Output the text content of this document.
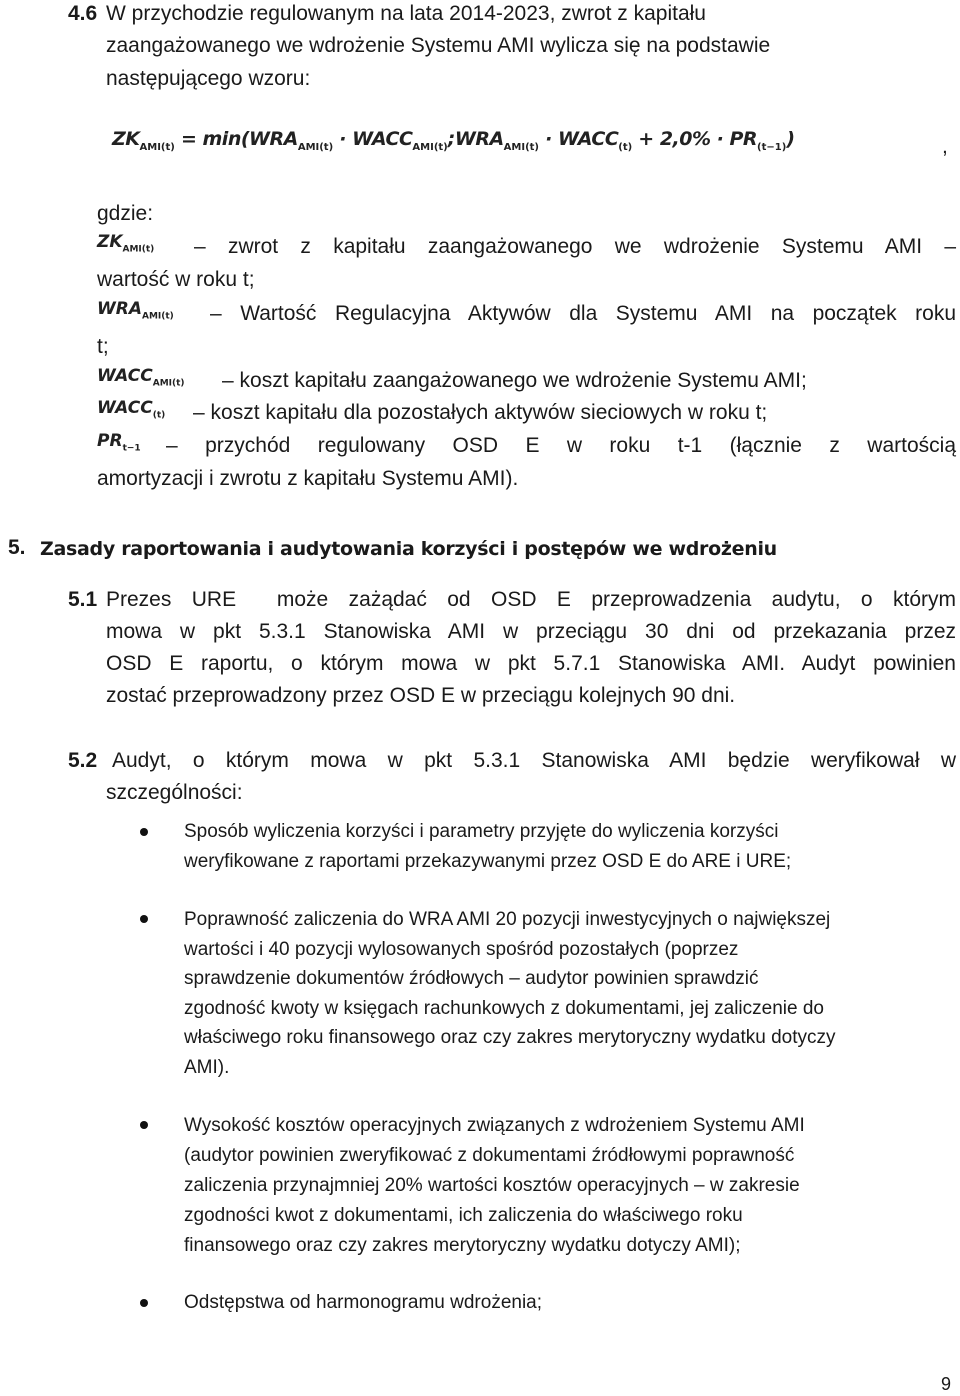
4.6 W przychodzie regulowanym na lata 2014-2023, zwrot z kapitału
zaangażowanego we wdrożenie Systemu AMI wylicza się na podstawie
następującego wzoru:
$ZK_{AMI(t)} = \min(WRA_{AMI(t)}$ · $WACC_{AMI(t)};WRA_{AMI(t)}$ · $WACC_{(t)} + 2,0\% \cdot PR_{(t-1)}$)	,
gdzie:
$ZK_{AMI(t)}$ – zwrot z kapitału zaangażowanego we wdrożenie Systemu AMI –
wartość w roku t;
$WRA_{AMI(t)}$ – Wartość Regulacyjna Aktywów dla Systemu AMI na początek roku
t;
$WACC_{AMI(t)}$ – koszt kapitału zaangażowanego we wdrożenie Systemu AMI;
$WACC_{(t)}$ – koszt kapitału dla pozostałych aktywów sieciowych w roku t;
$PR_{t-1}$ – przychód regulowany OSD E w roku t-1 (łącznie z wartością
amortyzacji i zwrotu z kapitału Systemu AMI).
5. Zasady raportowania i audytowania korzyści i postępów we wdrożeniu
5.1 Prezes URE  może zażądać od OSD E przeprowadzenia audytu, o którym
mowa w pkt 5.3.1 Stanowiska AMI w przeciągu 30 dni od przekazania przez
OSD E raportu, o którym mowa w pkt 5.7.1 Stanowiska AMI. Audyt powinien
zostać przeprowadzony przez OSD E w przeciągu kolejnych 90 dni.
5.2 Audyt, o którym mowa w pkt 5.3.1 Stanowiska AMI będzie weryfikował w
szczególności:
Sposób wyliczenia korzyści i parametry przyjęte do wyliczenia korzyści
weryfikowane z raportami przekazywanymi przez OSD E do ARE i URE;
Poprawność zaliczenia do WRA AMI 20 pozycji inwestycyjnych o największej
wartości i 40 pozycji wylosowanych spośród pozostałych (poprzez
sprawdzenie dokumentów źródłowych – audytor powinien sprawdzić
zgodność kwoty w księgach rachunkowych z dokumentami, jej zaliczenie do
właściwego roku finansowego oraz czy zakres merytoryczny wydatku dotyczy
AMI).
Wysokość kosztów operacyjnych związanych z wdrożeniem Systemu AMI
(audytor powinien zweryfikować z dokumentami źródłowymi poprawność
zaliczenia przynajmniej 20% wartości kosztów operacyjnych – w zakresie
zgodności kwot z dokumentami, ich zaliczenia do właściwego roku
finansowego oraz czy zakres merytoryczny wydatku dotyczy AMI);
Odstępstwa od harmonogramu wdrożenia;
9
